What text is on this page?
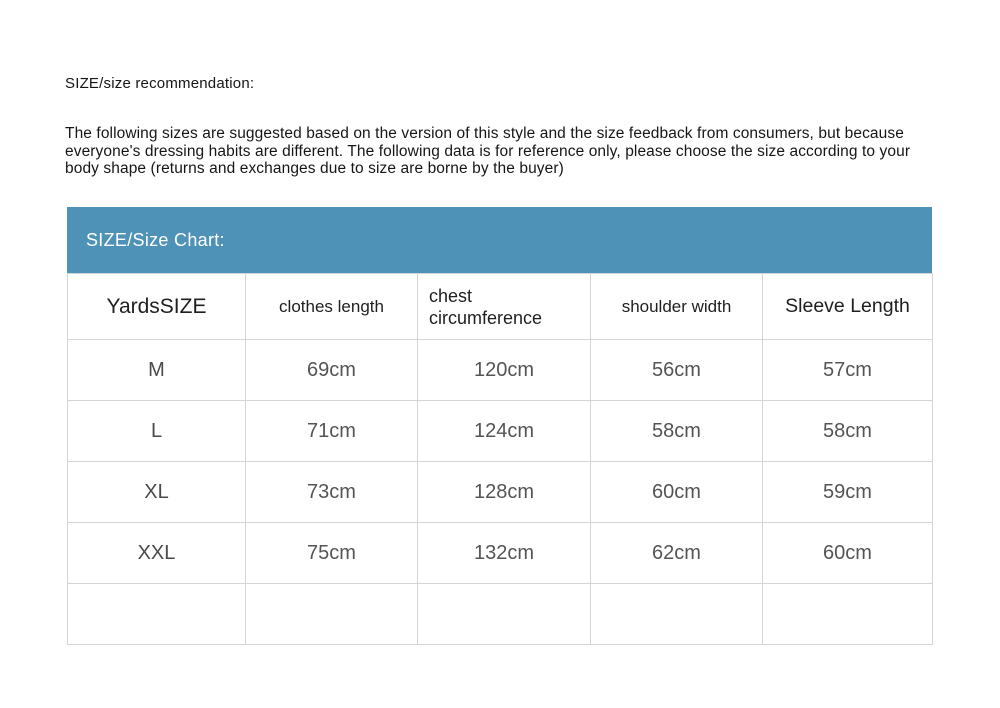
SIZE/size recommendation:

The following sizes are suggested based on the version of this style and the size feedback from consumers, but because everyone's dressing habits are different. The following data is for reference only, please choose the size according to your body shape (returns and exchanges due to size are borne by the buyer)

SIZE/Size Chart:
YardsSIZE	clothes length	chest circumference	shoulder width	Sleeve Length
M	69cm	120cm	56cm	57cm
L	71cm	124cm	58cm	58cm
XL	73cm	128cm	60cm	59cm
XXL	75cm	132cm	62cm	60cm
